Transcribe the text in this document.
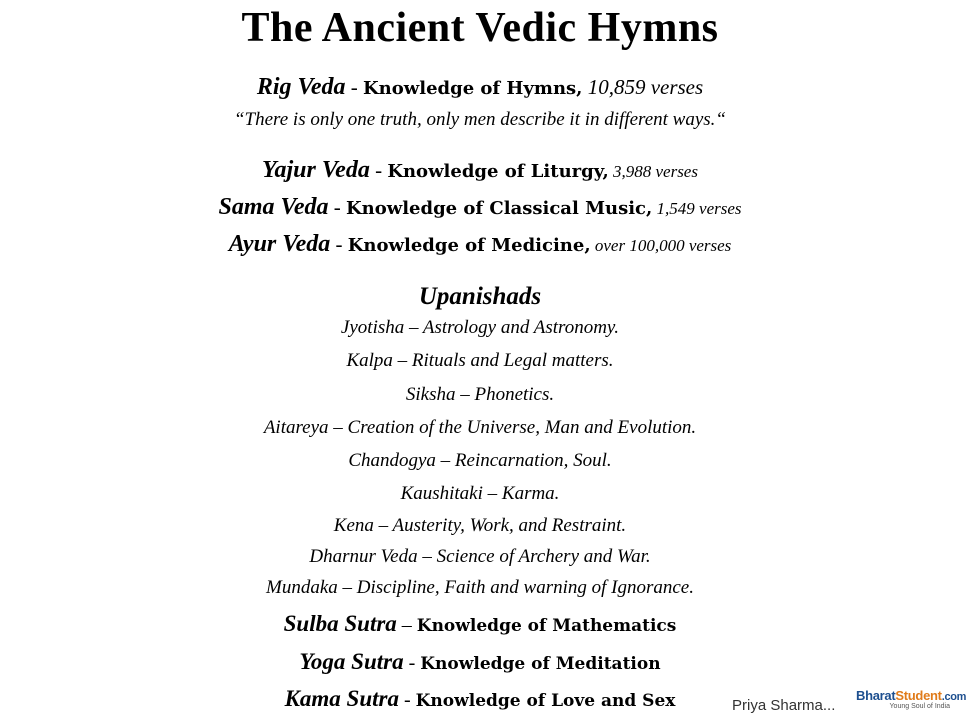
The Ancient Vedic Hymns
Rig Veda - Knowledge of Hymns, 10,859 verses
“There is only one truth, only men describe it in different ways.“
Yajur Veda - Knowledge of Liturgy, 3,988 verses
Sama Veda - Knowledge of Classical Music, 1,549 verses
Ayur Veda - Knowledge of Medicine, over 100,000 verses
Upanishads
Jyotisha – Astrology and Astronomy.
Kalpa – Rituals and Legal matters.
Siksha – Phonetics.
Aitareya – Creation of the Universe, Man and Evolution.
Chandogya – Reincarnation, Soul.
Kaushitaki – Karma.
Kena – Austerity, Work, and Restraint.
Dharnur Veda – Science of Archery and War.
Mundaka – Discipline, Faith and warning of Ignorance.
Sulba Sutra – Knowledge of Mathematics
Yoga Sutra - Knowledge of Meditation
Kama Sutra - Knowledge of Love and Sex	Priya Sharma...
BharatStudent.com
Young Soul of India
